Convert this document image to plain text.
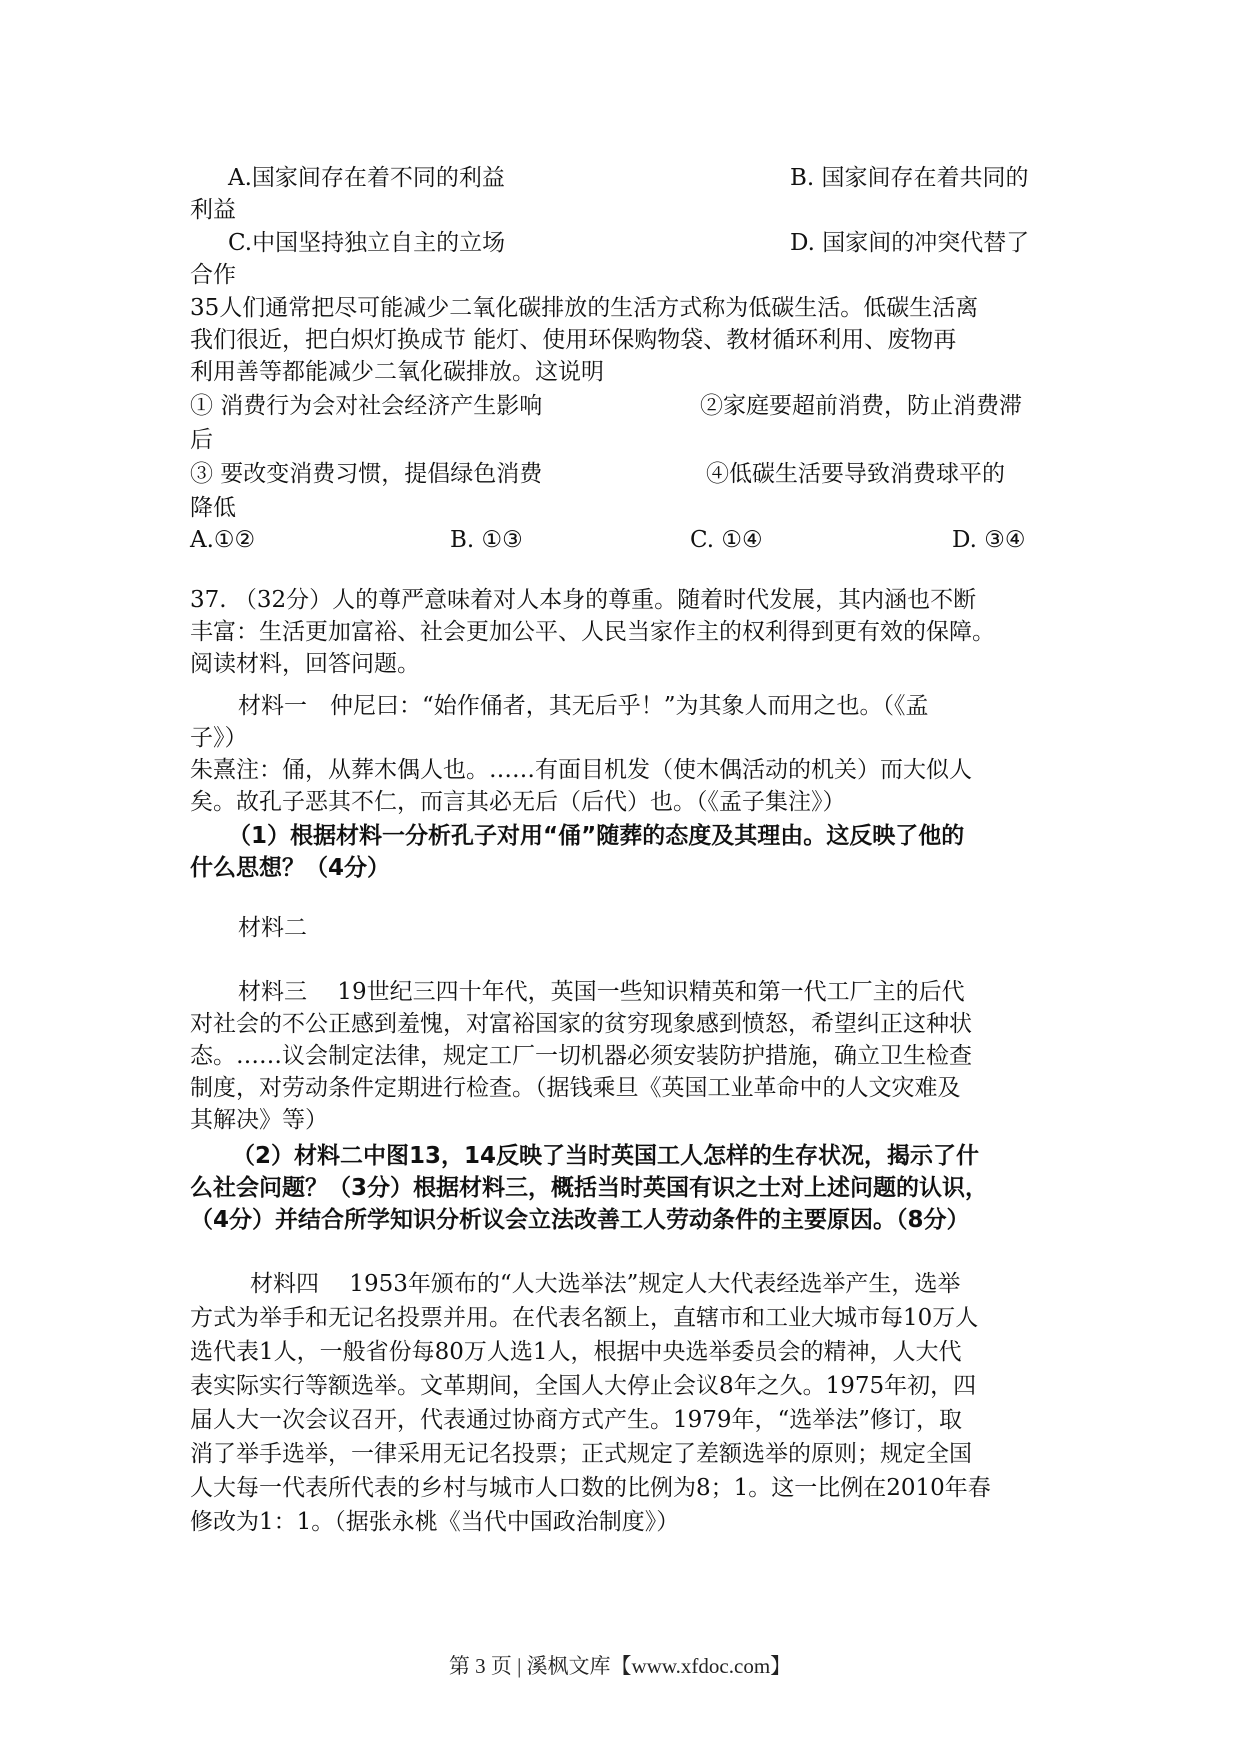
A.国家间存在着不同的利益	B. 国家间存在着共同的
利益
C.中国坚持独立自主的立场	D. 国家间的冲突代替了
合作
35人们通常把尽可能减少二氧化碳排放的生活方式称为低碳生活。低碳生活离
我们很近，把白炽灯换成节 能灯、使用环保购物袋、教材循环利用、废物再
利用善等都能减少二氧化碳排放。这说明
① 消费行为会对社会经济产生影响	②家庭要超前消费，防止消费滞
后
③ 要改变消费习惯，提倡绿色消费	④低碳生活要导致消费球平的
降低
A.①②	B. ①③	C. ①④	D. ③④
37. （32分）人的尊严意味着对人本身的尊重。随着时代发展，其内涵也不断
丰富：生活更加富裕、社会更加公平、人民当家作主的权利得到更有效的保障。
阅读材料，回答问题。
材料一　仲尼曰：“始作俑者，其无后乎！”为其象人而用之也。（《孟
子》）
朱熹注：俑，从葬木偶人也。……有面目机发（使木偶活动的机关）而大似人
矣。故孔子恶其不仁，而言其必无后（后代）也。（《孟子集注》）
（1）根据材料一分析孔子对用“俑”随葬的态度及其理由。这反映了他的
什么思想？（4分）
材料二
材料三　 19世纪三四十年代，英国一些知识精英和第一代工厂主的后代
对社会的不公正感到羞愧，对富裕国家的贫穷现象感到愤怒，希望纠正这种状
态。……议会制定法律，规定工厂一切机器必须安装防护措施，确立卫生检查
制度，对劳动条件定期进行检查。（据钱乘旦《英国工业革命中的人文灾难及
其解决》等）
（2）材料二中图13，14反映了当时英国工人怎样的生存状况，揭示了什
么社会问题？（3分）根据材料三，概括当时英国有识之士对上述问题的认识，
（4分）并结合所学知识分析议会立法改善工人劳动条件的主要原因。（8分）
材料四　 1953年颁布的“人大选举法”规定人大代表经选举产生，选举
方式为举手和无记名投票并用。在代表名额上，直辖市和工业大城市每10万人
选代表1人，一般省份每80万人选1人，根据中央选举委员会的精神，人大代
表实际实行等额选举。文革期间，全国人大停止会议8年之久。1975年初，四
届人大一次会议召开，代表通过协商方式产生。1979年，“选举法”修订，取
消了举手选举，一律采用无记名投票；正式规定了差额选举的原则；规定全国
人大每一代表所代表的乡村与城市人口数的比例为8；1。这一比例在2010年春
修改为1：1。（据张永桃《当代中国政治制度》）
第 3 页 | 溪枫文库【www.xfdoc.com】
